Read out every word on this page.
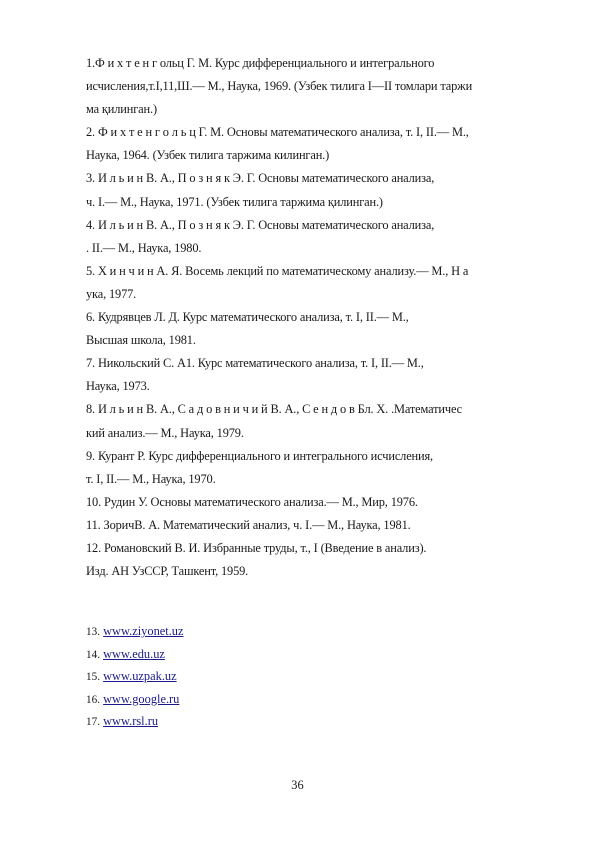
1.Ф и х т е н г ольц Г. М. Курс дифференциального и интегрального
исчисления,т.I,11,Ш.— М., Наука, 1969. (Узбек тилига I—II томлари таржи
ма қилинган.)
2. Ф и х т е н г о л ь ц Г. М. Основы математического анализа, т. I, II.— М.,
Наука, 1964. (Узбек тилига таржима килинган.)
3. И л ь и н В. А., П о з н я к Э. Г. Основы математического анализа,
ч. I.— М., Наука, 1971. (Узбек тилига таржима қилинган.)
4. И л ь и н В. А., П о з н я к Э. Г. Основы математического анализа,
. II.— М., Наука, 1980.
5. Х и н ч и н А. Я. Восемь лекций по математическому анализу.— М., Н а
ука, 1977.
6. Кудрявцев Л. Д. Курс математического анализа, т. I, II.— М.,
Высшая школа, 1981.
7. Никольский С. А1. Курс математического анализа, т. I, II.— М.,
Наука, 1973.
8. И л ь и н В. А., С а д о в н и ч и й В. А., С е н д о в Бл. X. .Математичес
кий анализ.— М., Наука, 1979.
9. Курант Р. Курс дифференциального и интегрального исчисления,
т. I, II.— М., Наука, 1970.
10. Рудин У. Основы математического анализа.— М., Мир, 1976.
11. ЗоричВ. А. Математический анализ, ч. I.— М., Наука, 1981.
12. Романовский В. И. Избранные труды, т., I (Введение в анализ).
Изд. АН УзССР, Ташкент, 1959.
13. www.ziyonet.uz
14. www.edu.uz
15. www.uzpak.uz
16. www.google.ru
17. www.rsl.ru
36
